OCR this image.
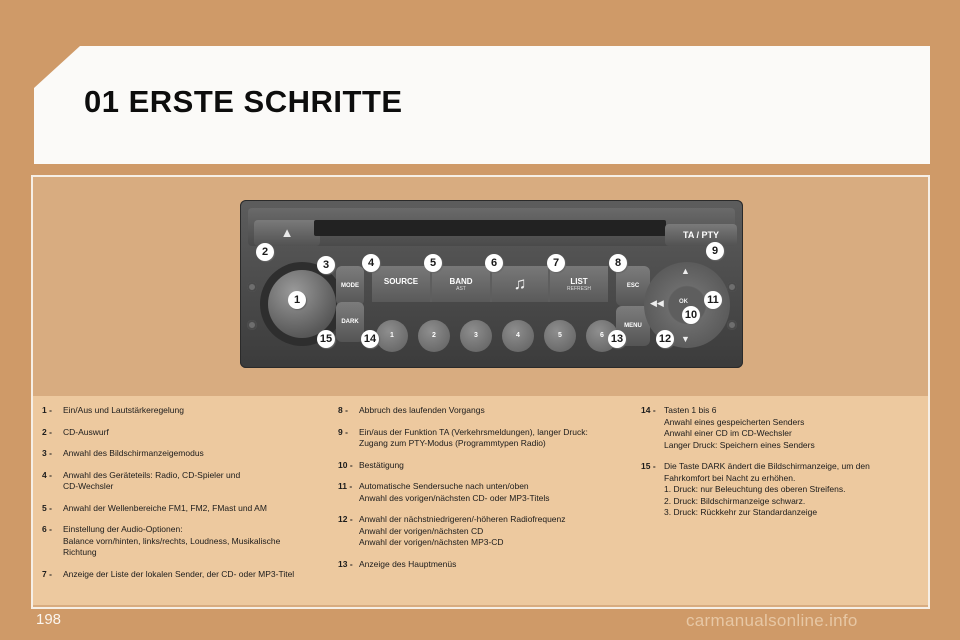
01 ERSTE SCHRITTE
▲	TA / PTY
MODE
DARK
SOURCE	BAND
AST	♫	LIST
REFRESH
1	2	3	4	5	6
ESC
MENU
▲
▼
◀◀	OK
1
2
3	4	5	6	7	8
9
10
11
12
13
14
15
1 - Ein/Aus und Lautstärkeregelung
2 - CD-Auswurf
3 - Anwahl des Bildschirmanzeigemodus
4 - Anwahl des Geräteteils: Radio, CD-Spieler und
CD-Wechsler
5 - Anwahl der Wellenbereiche FM1, FM2, FMast und AM
6 - Einstellung der Audio-Optionen:
Balance vorn/hinten, links/rechts, Loudness, Musikalische
Richtung
7 - Anzeige der Liste der lokalen Sender, der CD- oder MP3-Titel
8 - Abbruch des laufenden Vorgangs
9 - Ein/aus der Funktion TA (Verkehrsmeldungen), langer Druck:
Zugang zum PTY-Modus (Programmtypen Radio)
10 - Bestätigung
11 - Automatische Sendersuche nach unten/oben
Anwahl des vorigen/nächsten CD- oder MP3-Titels
12 - Anwahl der nächstniedrigeren/-höheren Radiofrequenz
Anwahl der vorigen/nächsten CD
Anwahl der vorigen/nächsten MP3-CD
13 - Anzeige des Hauptmenüs
14 - Tasten 1 bis 6
Anwahl eines gespeicherten Senders
Anwahl einer CD im CD-Wechsler
Langer Druck: Speichern eines Senders
15 - Die Taste DARK ändert die Bildschirmanzeige, um den
Fahrkomfort bei Nacht zu erhöhen.
1. Druck: nur Beleuchtung des oberen Streifens.
2. Druck: Bildschirmanzeige schwarz.
3. Druck: Rückkehr zur Standardanzeige
198	carmanualsonline.info
